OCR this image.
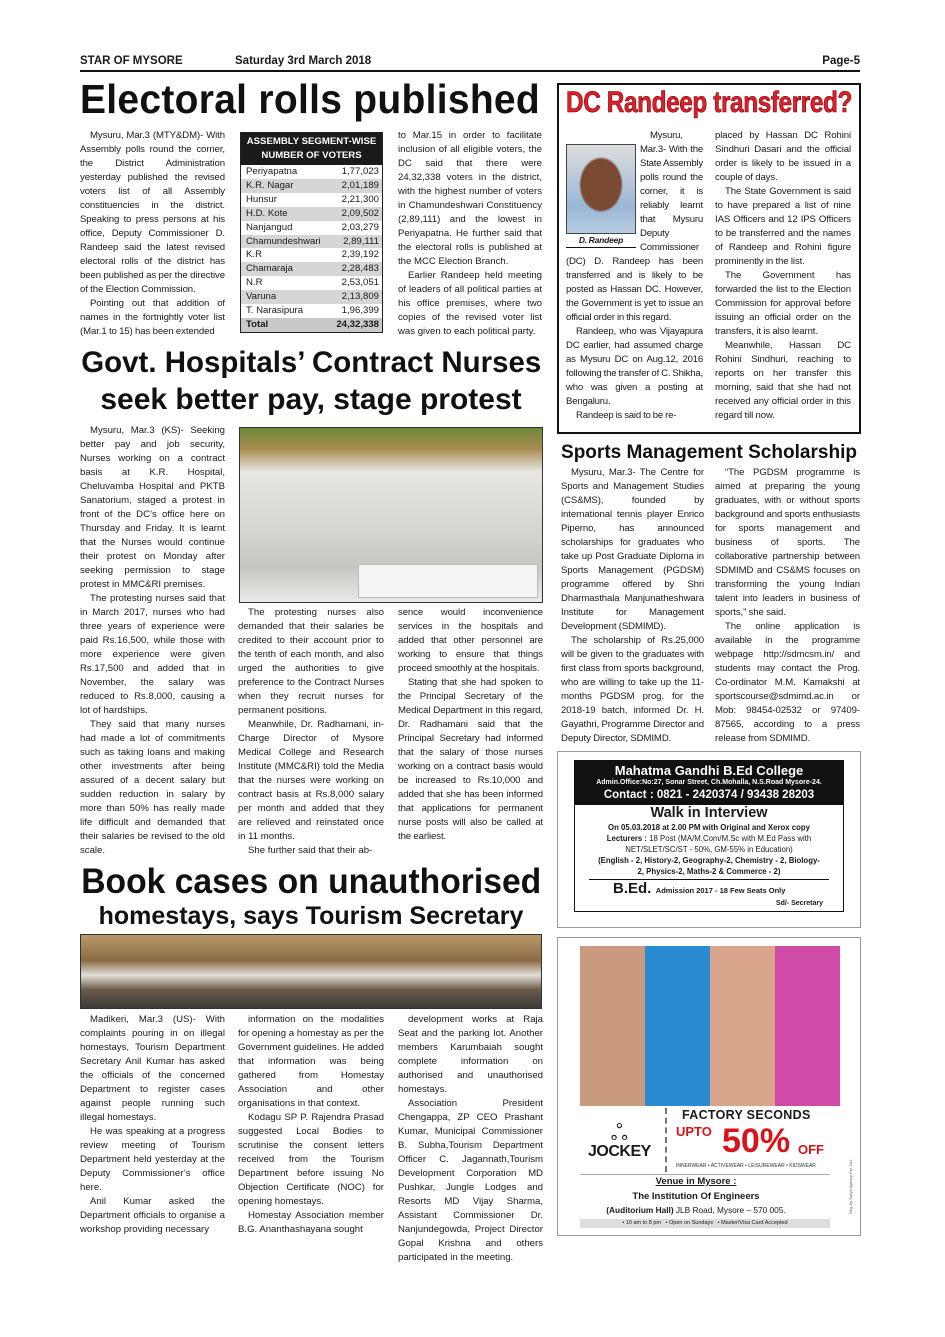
STAR OF MYSORE	Saturday 3rd March 2018	Page-5
Electoral rolls published

Mysuru, Mar.3 (MTY&DM)- With Assembly polls round the corner, the District Administration yesterday published the revised voters list of all Assembly constituencies in the district. Speaking to press persons at his office, Deputy Commissioner D. Randeep said the latest revised electoral rolls of the district has been published as per the directive of the Election Commission.

Pointing out that addition of names in the fortnightly voter list (Mar.1 to 15) has been extended

ASSEMBLY SEGMENT-WISE NUMBER OF VOTERS
Periyapatna	1,77,023
K.R. Nagar	2,01,189
Hunsur	2,21,300
H.D. Kote	2,09,502
Nanjangud	2,03,279
Chamundeshwari	2,89,111
K.R	2,39,192
Chamaraja	2,28,483
N.R	2,53,051
Varuna	2,13,809
T. Narasipura	1,96,399
Total	24,32,338

to Mar.15 in order to facilitate inclusion of all eligible voters, the DC said that there were 24,32,338 voters in the district, with the highest number of voters in Chamundeshwari Constituency (2,89,111) and the lowest in Periyapatna. He further said that the electoral rolls is published at the MCC Election Branch.

Earlier Randeep held meeting of leaders of all political parties at his office premises, where two copies of the revised voter list was given to each political party.

DC Randeep transferred?
D. Randeep

Mysuru, Mar.3- With the State Assembly polls round the corner, it is reliably learnt that Mysuru Deputy Commissioner (DC) D. Randeep has been transferred and is likely to be posted as Hassan DC. However, the Government is yet to issue an official order in this regard.

Randeep, who was Vijayapura DC earlier, had assumed charge as Mysuru DC on Aug.12, 2016 following the transfer of C. Shikha, who was given a posting at Bengaluru.

Randeep is said to be re-

placed by Hassan DC Rohini Sindhuri Dasari and the official order is likely to be issued in a couple of days.

The State Government is said to have prepared a list of nine IAS Officers and 12 IPS Officers to be transferred and the names of Randeep and Rohini figure prominently in the list.

The Government has forwarded the list to the Election Commission for approval before issuing an official order on the transfers, it is also learnt.

Meanwhile, Hassan DC Rohini Sindhuri, reaching to reports on her transfer this morning, said that she had not received any official order in this regard till now.

Govt. Hospitals’ Contract Nurses
seek better pay, stage protest

Mysuru, Mar.3 (KS)- Seeking better pay and job security, Nurses working on a contract basis at K.R. Hospital, Cheluvamba Hospital and PKTB Sanatorium, staged a protest in front of the DC’s office here on Thursday and Friday. It is learnt that the Nurses would continue their protest on Monday after seeking permission to stage protest in MMC&RI premises.

The protesting nurses said that in March 2017, nurses who had three years of experience were paid Rs.16,500, while those with more experience were given Rs.17,500 and added that in November, the salary was reduced to Rs.8,000, causing a lot of hardships.

They said that many nurses had made a lot of commitments such as taking loans and making other investments after being assured of a decent salary but sudden reduction in salary by more than 50% has really made life difficult and demanded that their salaries be revised to the old scale.

The protesting nurses also demanded that their salaries be credited to their account prior to the tenth of each month, and also urged the authorities to give preference to the Contract Nurses when they recruit nurses for permanent positions.

Meanwhile, Dr. Radhamani, in-Charge Director of Mysore Medical College and Research Institute (MMC&RI) told the Media that the nurses were working on contract basis at Rs.8,000 salary per month and added that they are relieved and reinstated once in 11 months.

She further said that their ab-

sence would inconvenience services in the hospitals and added that other personnel are working to ensure that things proceed smoothly at the hospitals.

Stating that she had spoken to the Principal Secretary of the Medical Department in this regard, Dr. Radhamani said that the Principal Secretary had informed that the salary of those nurses working on a contract basis would be increased to Rs.10,000 and added that she has been informed that applications for permanent nurse posts will also be called at the earliest.

Sports Management Scholarship

Mysuru, Mar.3- The Centre for Sports and Management Studies (CS&MS), founded by international tennis player Enrico Piperno, has announced scholarships for graduates who take up Post Graduate Diploma in Sports Management (PGDSM) programme offered by Shri Dharmasthala Manjunatheshwara Institute for Management Development (SDMIMD).

The scholarship of Rs.25,000 will be given to the graduates with first class from sports background, who are willing to take up the 11-months PGDSM prog. for the 2018-19 batch, informed Dr. H. Gayathri, Programme Director and Deputy Director, SDMIMD.

“The PGDSM programme is aimed at preparing the young graduates, with or without sports background and sports enthusiasts for sports management and business of sports. The collaborative partnership between SDMIMD and CS&MS focuses on transforming the young Indian talent into leaders in business of sports,” she said.

The online application is available in the programme webpage http://sdmcsm.in/ and students may contact the Prog. Co-ordinator M.M. Kamakshi at sportscourse@sdmimd.ac.in or Mob: 98454-02532 or 97409-87565, according to a press release from SDMIMD.

Mahatma Gandhi B.Ed College
Admin.Office:No:27, Sonar Street, Ch.Mohalla, N.S.Road Mysore-24.
Contact : 0821 - 2420374 / 93438 28203
Walk in Interview
On 05.03.2018 at 2.00 PM with Original and Xerox copy
Lecturers : 18 Post (MA/M.Com/M.Sc with M.Ed Pass with NET/SLET/SC/ST - 50%, GM-55% in Education)
(English - 2, History-2, Geography-2, Chemistry - 2, Biology-2, Physics-2, Maths-2 & Commerce - 2)
B.Ed. Admission 2017 - 18 Few Seats Only
Sd/- Secretary
Book cases on unauthorised
homestays, says Tourism Secretary

Madikeri, Mar.3 (US)- With complaints pouring in on illegal homestays, Tourism Department Secretary Anil Kumar has asked the officials of the concerned Department to register cases against people running such illegal homestays.

He was speaking at a progress review meeting of Tourism Department held yesterday at the Deputy Commissioner’s office here.

Anil Kumar asked the Department officials to organise a workshop providing necessary

information on the modalities for opening a homestay as per the Government guidelines. He added that information was being gathered from Homestay Association and other organisations in that context.

Kodagu SP P. Rajendra Prasad suggested Local Bodies to scrutinise the consent letters received from the Tourism Department before issuing No Objection Certificate (NOC) for opening homestays.

Homestay Association member B.G. Ananthashayana sought

development works at Raja Seat and the parking lot. Another members Karumbaiah sought complete information on authorised and unauthorised homestays.

Association President Chengappa, ZP CEO Prashant Kumar, Municipal Commissioner B. Subha,Tourism Department Officer C. Jagannath,Tourism Development Corporation MD Pushkar, Jungle Lodges and Resorts MD Vijay Sharma, Assistant Commissioner Dr. Nanjundegowda, Project Director Gopal Krishna and others participated in the meeting.

ஃ
JOCKEY
FACTORY SECONDS
UPTO 50% OFF
INNERWEAR • ACTIVEWEAR • LEISUREWEAR • KIDSWEAR
Venue in Mysore :
The Institution Of Engineers
(Auditorium Hall) JLB Road, Mysore – 570 005.
• 10 am to 8 pm   • Open on Sundays   • Master/Visa Card Accepted
Org. by Surya Agency Pvt. Ltd.
